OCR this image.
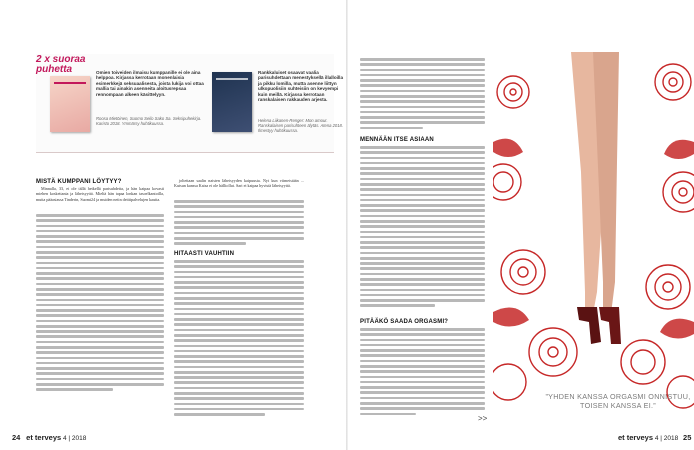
2 x suoraa puhetta	Omien toiveiden ilmaisu kumppanille ei ole aina helppoa. Kirjassa kerrotaan monenlaisia esimerkkejä seksuaalisesta, joista lukija voi ottaa mallia tai ainakin asenneita aloitusrepsaa rennompaan alkeen käsittelyyn.
Roosa Mietöinen, Suomo Seilo Sako Sa. Seksipuhekirja. Karisto 2018. Ymmärsy huhtikuussa.
Rankkaluiset osaavat vaalia parisuhdettaan menestyksellä illalloilla ja pikku lomilla, mutta asenne liittyn ulkopuolisiin suhteisiin on kevyempi kuin meillä. Kirjassa kerrotaan ranskalaisen rakkauden arjesta.
Helena Liikanen-Renger: Mon amour. Ranskalaisen parisuhteen älytäs. Atena 2018. Ilmestyy huhtikuussa.
MISTÄ KUMPPANI LÖYTYY?

Minnalla, 33, ei ole tällä hetkellä parisuhdetta, ja hän kaipaa kovasti miehen koskettania ja läheisyyttä. Mieltä hän tapaa lonkan tasoelkantoilla, mutta pääasiassa Tinderin, Suomi24 ja muiden netin deittipalvelujen kautta.

joltettaan saalin naisten läheisyyden kaipuusta. Nyt kun viimeistään ... Kutsun kanssa Kaisa ei ole hälliollut. Sari ei kaipaa hyvistä läheisyyttä.

HITAASTI VAUHTIIN
MENNÄÄN ITSE ASIAAN
PITÄÄKÖ SAADA ORGASMI?
>>
”YHDEN KANSSA ORGASMI ONNISTUU, TOISEN KANSSA EI.”
24 et terveys 4 | 2018	et terveys 4 | 2018 25
